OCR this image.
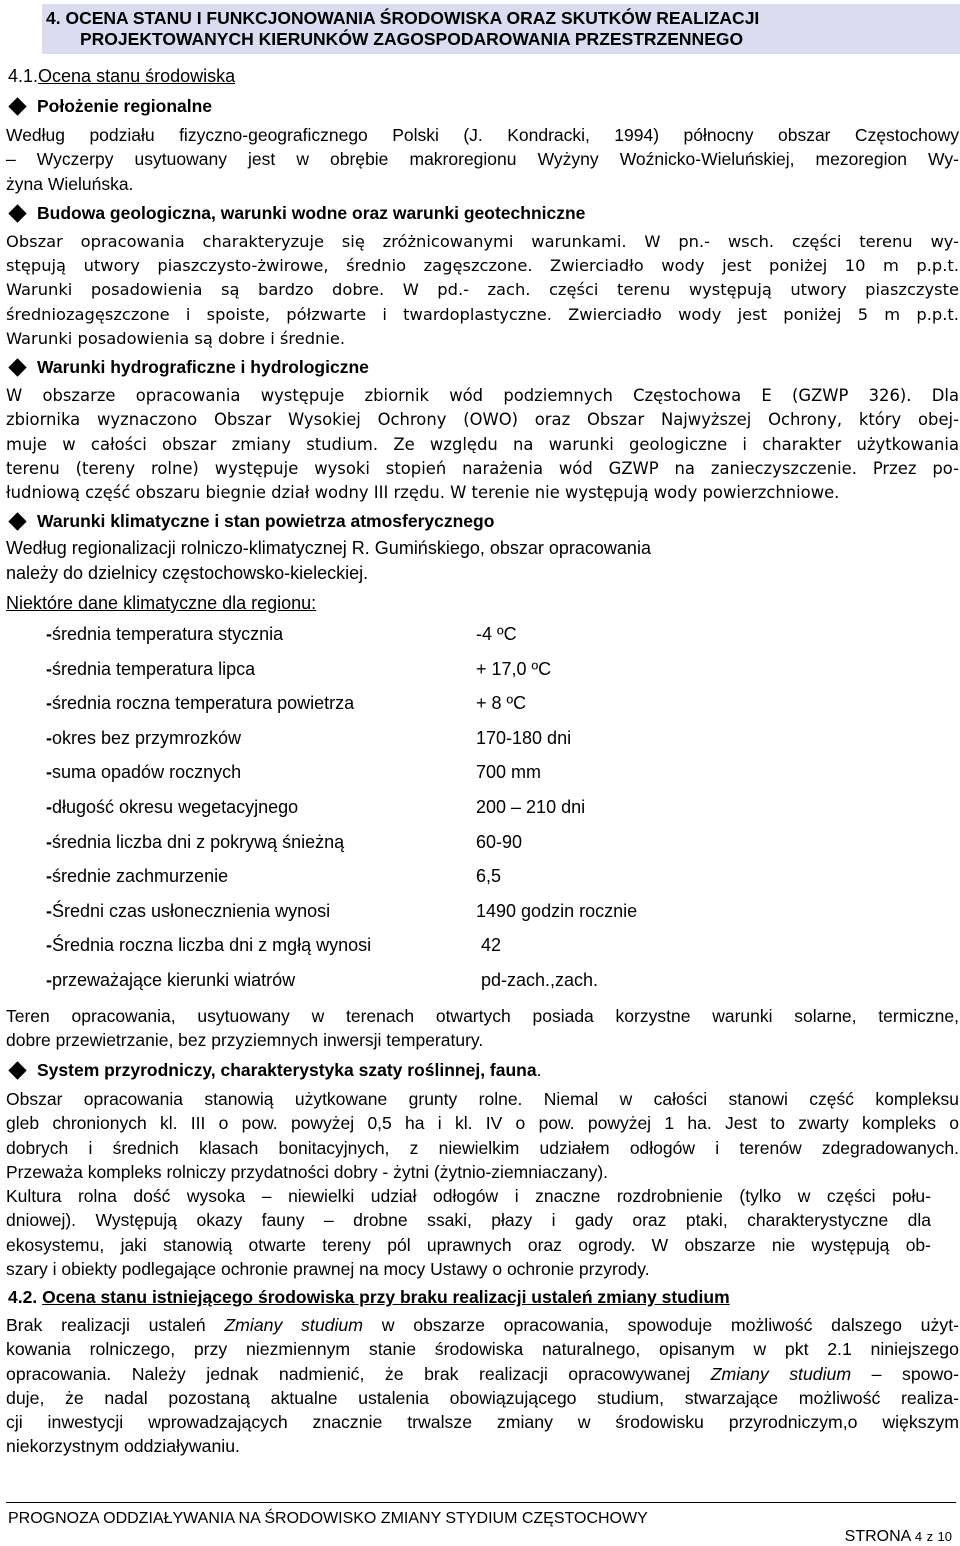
4. OCENA STANU I FUNKCJONOWANIA ŚRODOWISKA ORAZ SKUTKÓW REALIZACJI
PROJEKTOWANYCH KIERUNKÓW ZAGOSPODAROWANIA PRZESTRZENNEGO
4.1.Ocena stanu środowiska
Położenie regionalne
Według podziału fizyczno-geograficznego Polski (J. Kondracki, 1994) północny obszar Częstochowy
– Wyczerpy usytuowany jest w obrębie makroregionu Wyżyny Woźnicko-Wieluńskiej, mezoregion Wy-
żyna Wieluńska.
Budowa geologiczna, warunki wodne oraz warunki geotechniczne
Obszar opracowania charakteryzuje się zróżnicowanymi warunkami. W pn.- wsch. części terenu wy-
stępują utwory piaszczysto-żwirowe, średnio zagęszczone. Zwierciadło wody jest poniżej 10 m p.p.t.
Warunki posadowienia są bardzo dobre. W pd.- zach. części terenu występują utwory piaszczyste
średniozagęszczone i spoiste, półzwarte i twardoplastyczne. Zwierciadło wody jest poniżej 5 m p.p.t.
Warunki posadowienia są dobre i średnie.
Warunki hydrograficzne i hydrologiczne
W obszarze opracowania występuje zbiornik wód podziemnych Częstochowa E (GZWP 326). Dla
zbiornika wyznaczono Obszar Wysokiej Ochrony (OWO) oraz Obszar Najwyższej Ochrony, który obej-
muje w całości obszar zmiany studium. Ze względu na warunki geologiczne i charakter użytkowania
terenu (tereny rolne) występuje wysoki stopień narażenia wód GZWP na zanieczyszczenie. Przez po-
łudniową część obszaru biegnie dział wodny III rzędu. W terenie nie występują wody powierzchniowe.
Warunki klimatyczne i stan powietrza atmosferycznego
Według regionalizacji rolniczo-klimatycznej R. Gumińskiego, obszar opracowania
należy do dzielnicy częstochowsko-kieleckiej.
Niektóre dane klimatyczne dla regionu:
-średnia temperatura stycznia	-4 ºC
-średnia temperatura lipca	+ 17,0 ºC
-średnia roczna temperatura powietrza	+ 8 ºC
-okres bez przymrozków	170-180 dni
-suma opadów rocznych	700 mm
-długość okresu wegetacyjnego	200 – 210 dni
-średnia liczba dni z pokrywą śnieżną	60-90
-średnie zachmurzenie	6,5
-Średni czas usłonecznienia wynosi	1490 godzin rocznie
-Średnia roczna liczba dni z mgłą wynosi	42
-przeważające kierunki wiatrów	pd-zach.,zach.
Teren opracowania, usytuowany w terenach otwartych posiada korzystne warunki solarne, termiczne,
dobre przewietrzanie, bez przyziemnych inwersji temperatury.
System przyrodniczy, charakterystyka szaty roślinnej, fauna .
Obszar opracowania stanowią użytkowane grunty rolne. Niemal w całości stanowi część kompleksu
gleb chronionych kl. III o pow. powyżej 0,5 ha i kl. IV o pow. powyżej 1 ha. Jest to zwarty kompleks o
dobrych i średnich klasach bonitacyjnych, z niewielkim udziałem odłogów i terenów zdegradowanych.
Przeważa kompleks rolniczy przydatności dobry - żytni (żytnio-ziemniaczany).
Kultura rolna dość wysoka – niewielki udział odłogów i znaczne rozdrobnienie (tylko w części połu-
dniowej). Występują okazy fauny – drobne ssaki, płazy i gady oraz ptaki, charakterystyczne dla
ekosystemu, jaki stanowią otwarte tereny pól uprawnych oraz ogrody. W obszarze nie występują ob-
szary i obiekty podlegające ochronie prawnej na mocy Ustawy o ochronie przyrody.
4.2. Ocena stanu istniejącego środowiska przy braku realizacji ustaleń zmiany studium
Brak realizacji ustaleń Zmiany studium w obszarze opracowania, spowoduje możliwość dalszego użyt-
kowania rolniczego, przy niezmiennym stanie środowiska naturalnego, opisanym w pkt 2.1 niniejszego
opracowania. Należy jednak nadmienić, że brak realizacji opracowywanej Zmiany studium – spowo-
duje, że nadal pozostaną aktualne ustalenia obowiązującego studium, stwarzające możliwość realiza-
cji inwestycji wprowadzających znacznie trwalsze zmiany w środowisku przyrodniczym,o większym
niekorzystnym oddziaływaniu.
PROGNOZA ODDZIAŁYWANIA NA ŚRODOWISKO ZMIANY STYDIUM CZĘSTOCHOWY
STRONA 4 z 10
